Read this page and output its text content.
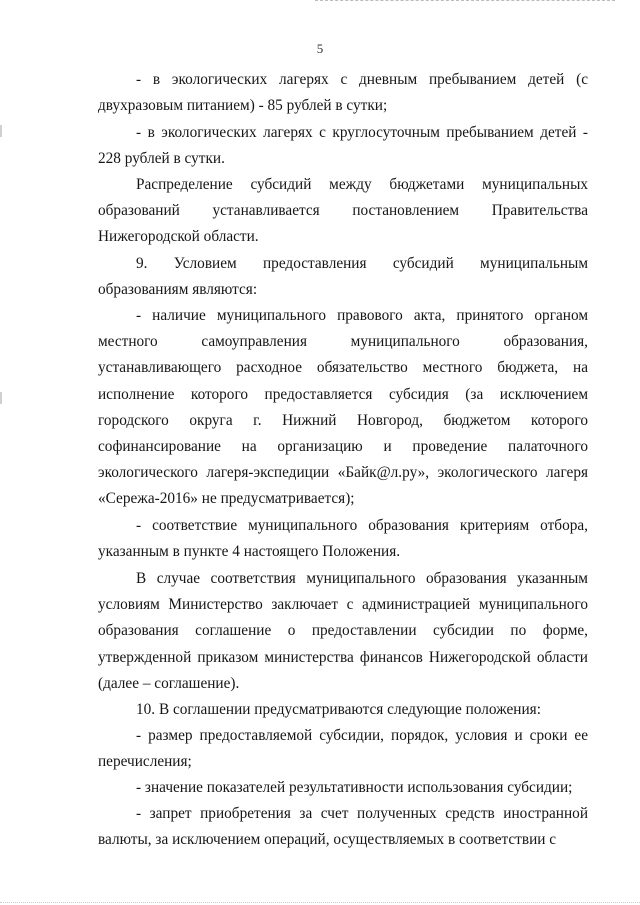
5

- в экологических лагерях с дневным пребыванием детей (с двухразовым питанием) - 85 рублей в сутки;

- в экологических лагерях с круглосуточным пребыванием детей - 228 рублей в сутки.

Распределение субсидий между бюджетами муниципальных образований устанавливается постановлением Правительства Нижегородской области.

9. Условием предоставления субсидий муниципальным образованиям являются:

- наличие муниципального правового акта, принятого органом местного самоуправления муниципального образования, устанавливающего расходное обязательство местного бюджета, на исполнение которого предоставляется субсидия (за исключением городского округа г. Нижний Новгород, бюджетом которого софинансирование на организацию и проведение палаточного экологического лагеря-экспедиции «Байк@л.ру», экологического лагеря «Сережа-2016» не предусматривается);

- соответствие муниципального образования критериям отбора, указанным в пункте 4 настоящего Положения.

В случае соответствия муниципального образования указанным условиям Министерство заключает с администрацией муниципального образования соглашение о предоставлении субсидии по форме, утвержденной приказом министерства финансов Нижегородской области (далее – соглашение).

10. В соглашении предусматриваются следующие положения:

- размер предоставляемой субсидии, порядок, условия и сроки ее перечисления;

- значение показателей результативности использования субсидии;

- запрет приобретения за счет полученных средств иностранной валюты, за исключением операций, осуществляемых в соответствии с
